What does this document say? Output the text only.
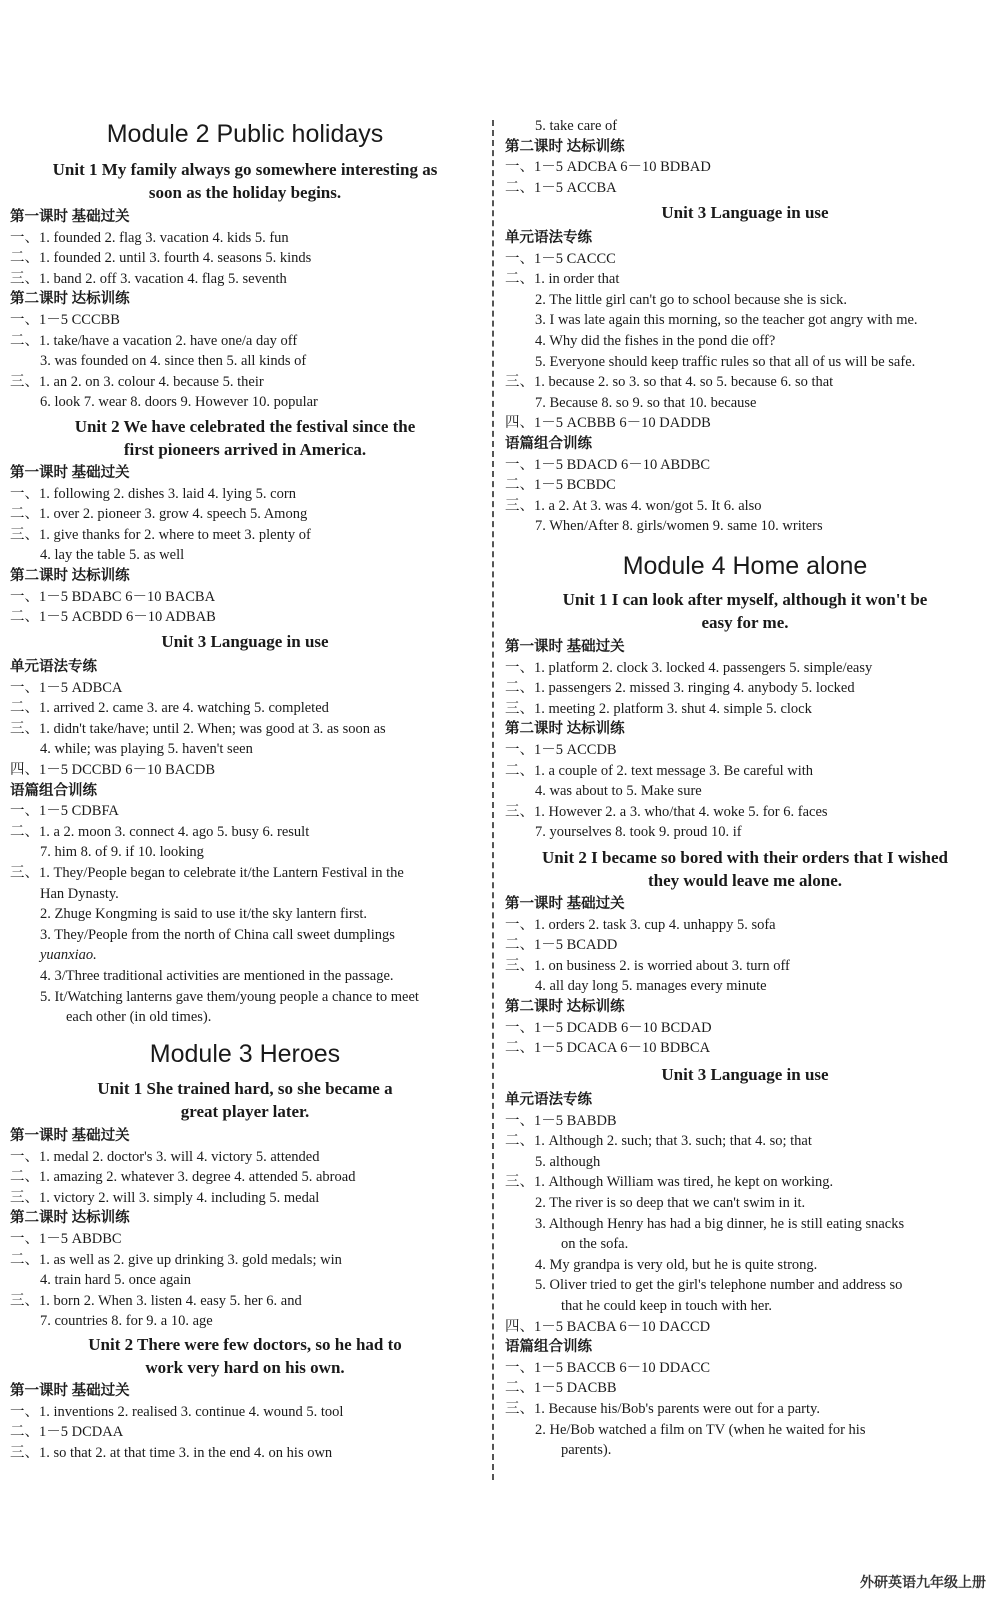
Module 2 Public holidays
Unit 1 My family always go somewhere interesting as
soon as the holiday begins.
第一课时 基础过关
一、1. founded 2. flag 3. vacation 4. kids 5. fun
二、1. founded 2. until 3. fourth 4. seasons 5. kinds
三、1. band 2. off 3. vacation 4. flag 5. seventh
第二课时 达标训练
一、1－5 CCCBB
二、1. take/have a vacation 2. have one/a day off
3. was founded on 4. since then 5. all kinds of
三、1. an 2. on 3. colour 4. because 5. their
6. look 7. wear 8. doors 9. However 10. popular
Unit 2 We have celebrated the festival since the
first pioneers arrived in America.
第一课时 基础过关
一、1. following 2. dishes 3. laid 4. lying 5. corn
二、1. over 2. pioneer 3. grow 4. speech 5. Among
三、1. give thanks for 2. where to meet 3. plenty of
4. lay the table 5. as well
第二课时 达标训练
一、1－5 BDABC 6－10 BACBA
二、1－5 ACBDD 6－10 ADBAB
Unit 3 Language in use
单元语法专练
一、1－5 ADBCA
二、1. arrived 2. came 3. are 4. watching 5. completed
三、1. didn't take/have; until 2. When; was good at 3. as soon as
4. while; was playing 5. haven't seen
四、1－5 DCCBD 6－10 BACDB
语篇组合训练
一、1－5 CDBFA
二、1. a 2. moon 3. connect 4. ago 5. busy 6. result
7. him 8. of 9. if 10. looking
三、1. They/People began to celebrate it/the Lantern Festival in the
Han Dynasty.
2. Zhuge Kongming is said to use it/the sky lantern first.
3. They/People from the north of China call sweet dumplings
yuanxiao.
4. 3/Three traditional activities are mentioned in the passage.
5. It/Watching lanterns gave them/young people a chance to meet
each other (in old times).
Module 3 Heroes
Unit 1 She trained hard, so she became a
great player later.
第一课时 基础过关
一、1. medal 2. doctor's 3. will 4. victory 5. attended
二、1. amazing 2. whatever 3. degree 4. attended 5. abroad
三、1. victory 2. will 3. simply 4. including 5. medal
第二课时 达标训练
一、1－5 ABDBC
二、1. as well as 2. give up drinking 3. gold medals; win
4. train hard 5. once again
三、1. born 2. When 3. listen 4. easy 5. her 6. and
7. countries 8. for 9. a 10. age
Unit 2 There were few doctors, so he had to
work very hard on his own.
第一课时 基础过关
一、1. inventions 2. realised 3. continue 4. wound 5. tool
二、1－5 DCDAA
三、1. so that 2. at that time 3. in the end 4. on his own
5. take care of
第二课时 达标训练
一、1－5 ADCBA 6－10 BDBAD
二、1－5 ACCBA
Unit 3 Language in use
单元语法专练
一、1－5 CACCC
二、1. in order that
2. The little girl can't go to school because she is sick.
3. I was late again this morning, so the teacher got angry with me.
4. Why did the fishes in the pond die off?
5. Everyone should keep traffic rules so that all of us will be safe.
三、1. because 2. so 3. so that 4. so 5. because 6. so that
7. Because 8. so 9. so that 10. because
四、1－5 ACBBB 6－10 DADDB
语篇组合训练
一、1－5 BDACD 6－10 ABDBC
二、1－5 BCBDC
三、1. a 2. At 3. was 4. won/got 5. It 6. also
7. When/After 8. girls/women 9. same 10. writers
Module 4 Home alone
Unit 1 I can look after myself, although it won't be
easy for me.
第一课时 基础过关
一、1. platform 2. clock 3. locked 4. passengers 5. simple/easy
二、1. passengers 2. missed 3. ringing 4. anybody 5. locked
三、1. meeting 2. platform 3. shut 4. simple 5. clock
第二课时 达标训练
一、1－5 ACCDB
二、1. a couple of 2. text message 3. Be careful with
4. was about to 5. Make sure
三、1. However 2. a 3. who/that 4. woke 5. for 6. faces
7. yourselves 8. took 9. proud 10. if
Unit 2 I became so bored with their orders that I wished
they would leave me alone.
第一课时 基础过关
一、1. orders 2. task 3. cup 4. unhappy 5. sofa
二、1－5 BCADD
三、1. on business 2. is worried about 3. turn off
4. all day long 5. manages every minute
第二课时 达标训练
一、1－5 DCADB 6－10 BCDAD
二、1－5 DCACA 6－10 BDBCA
Unit 3 Language in use
单元语法专练
一、1－5 BABDB
二、1. Although 2. such; that 3. such; that 4. so; that
5. although
三、1. Although William was tired, he kept on working.
2. The river is so deep that we can't swim in it.
3. Although Henry has had a big dinner, he is still eating snacks
on the sofa.
4. My grandpa is very old, but he is quite strong.
5. Oliver tried to get the girl's telephone number and address so
that he could keep in touch with her.
四、1－5 BACBA 6－10 DACCD
语篇组合训练
一、1－5 BACCB 6－10 DDACC
二、1－5 DACBB
三、1. Because his/Bob's parents were out for a party.
2. He/Bob watched a film on TV (when he waited for his
parents).
外研英语九年级上册
